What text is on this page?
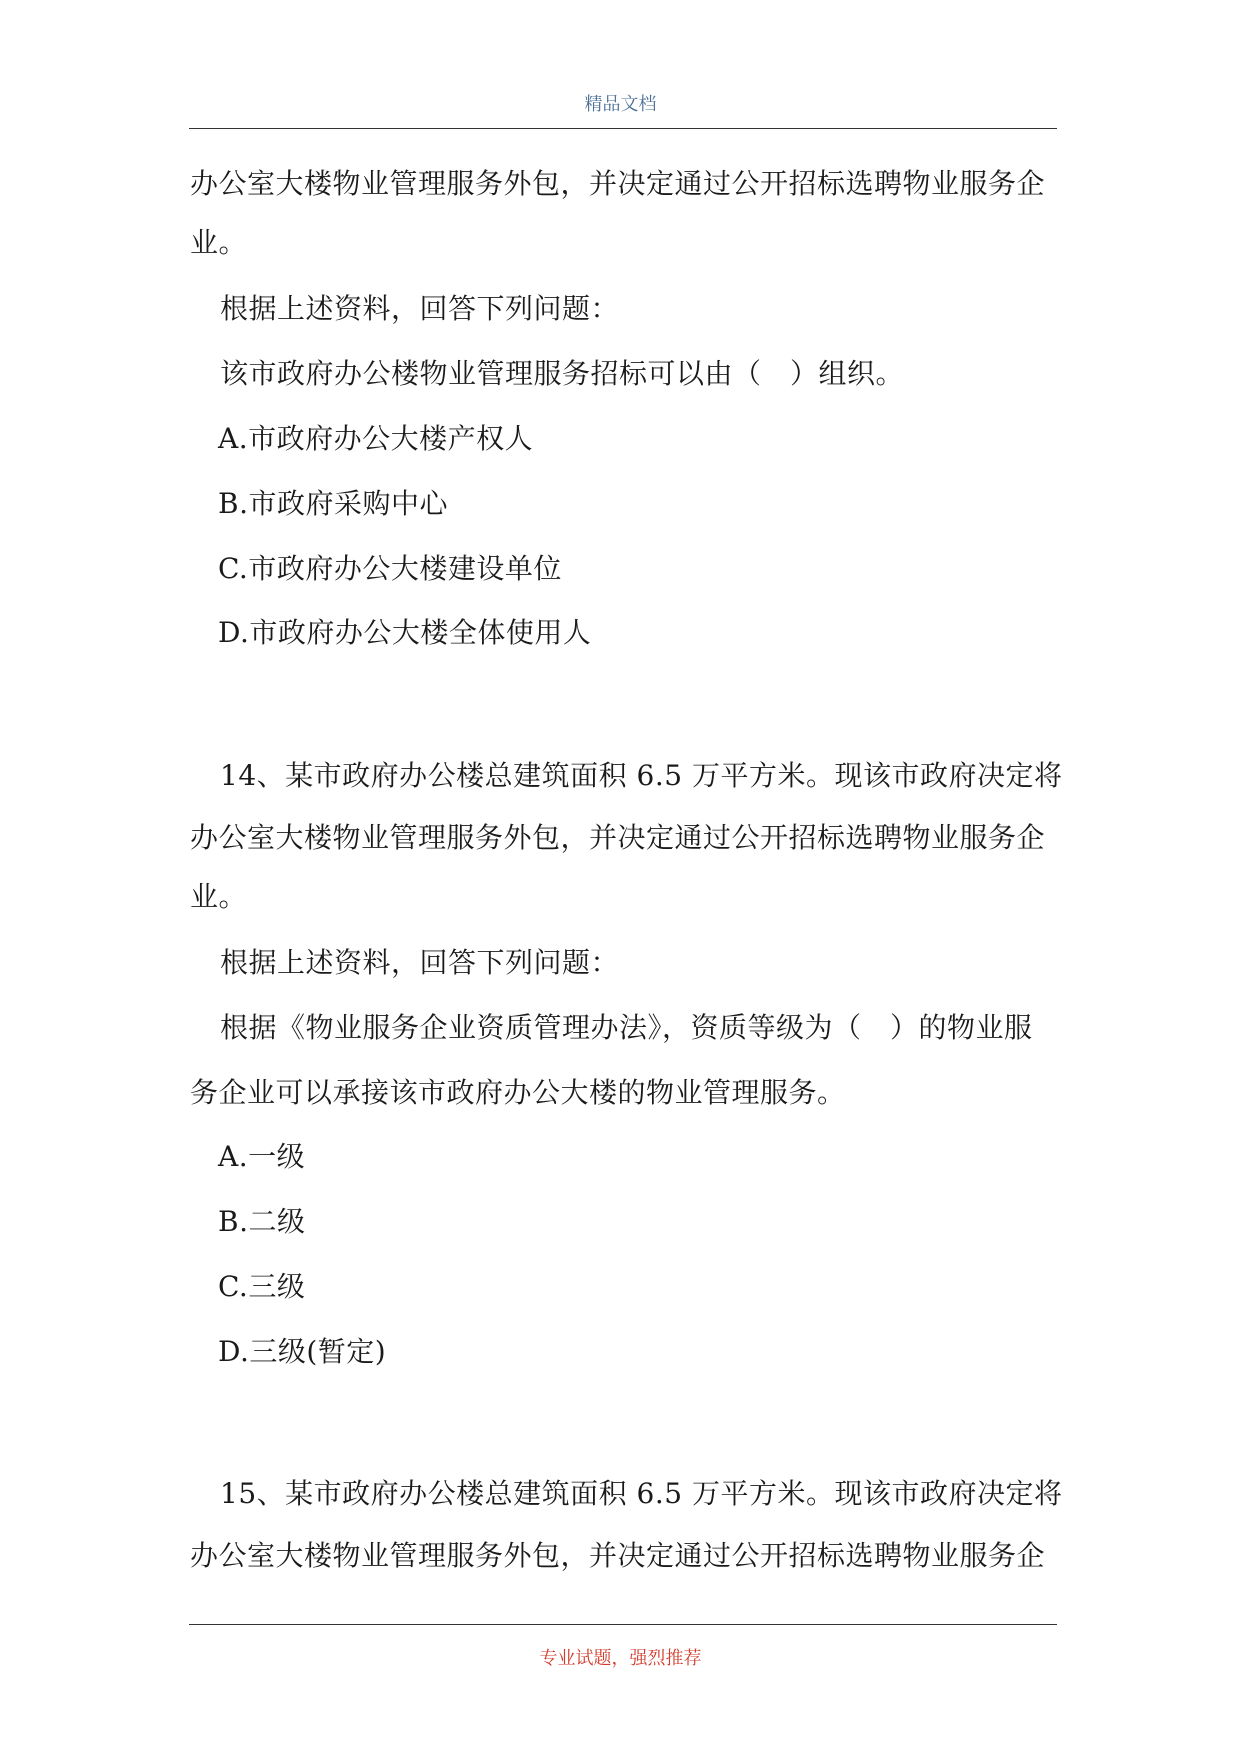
精品文档
办公室大楼物业管理服务外包，并决定通过公开招标选聘物业服务企
业。
根据上述资料，回答下列问题：
该市政府办公楼物业管理服务招标可以由（　）组织。
A.市政府办公大楼产权人
B.市政府采购中心
C.市政府办公大楼建设单位
D.市政府办公大楼全体使用人
14、某市政府办公楼总建筑面积 6.5 万平方米。现该市政府决定将
办公室大楼物业管理服务外包，并决定通过公开招标选聘物业服务企
业。
根据上述资料，回答下列问题：
根据《物业服务企业资质管理办法》，资质等级为（　）的物业服
务企业可以承接该市政府办公大楼的物业管理服务。
A.一级
B.二级
C.三级
D.三级(暂定)
15、某市政府办公楼总建筑面积 6.5 万平方米。现该市政府决定将
办公室大楼物业管理服务外包，并决定通过公开招标选聘物业服务企
专业试题，强烈推荐
